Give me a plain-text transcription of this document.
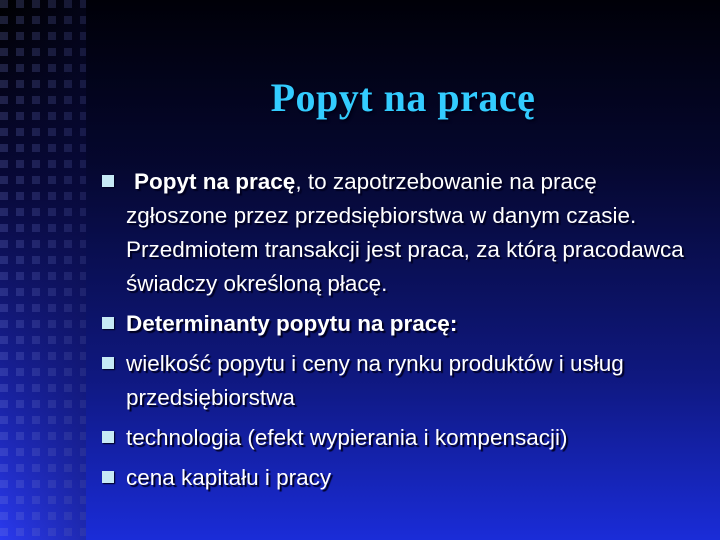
Popyt na pracę
Popyt na pracę, to zapotrzebowanie na pracę zgłoszone przez przedsiębiorstwa w danym czasie. Przedmiotem transakcji jest praca, za którą pracodawca świadczy określoną płacę.
Determinanty popytu na pracę:
wielkość popytu i ceny na rynku produktów i usług przedsiębiorstwa
technologia (efekt wypierania i kompensacji)
cena kapitału i pracy
